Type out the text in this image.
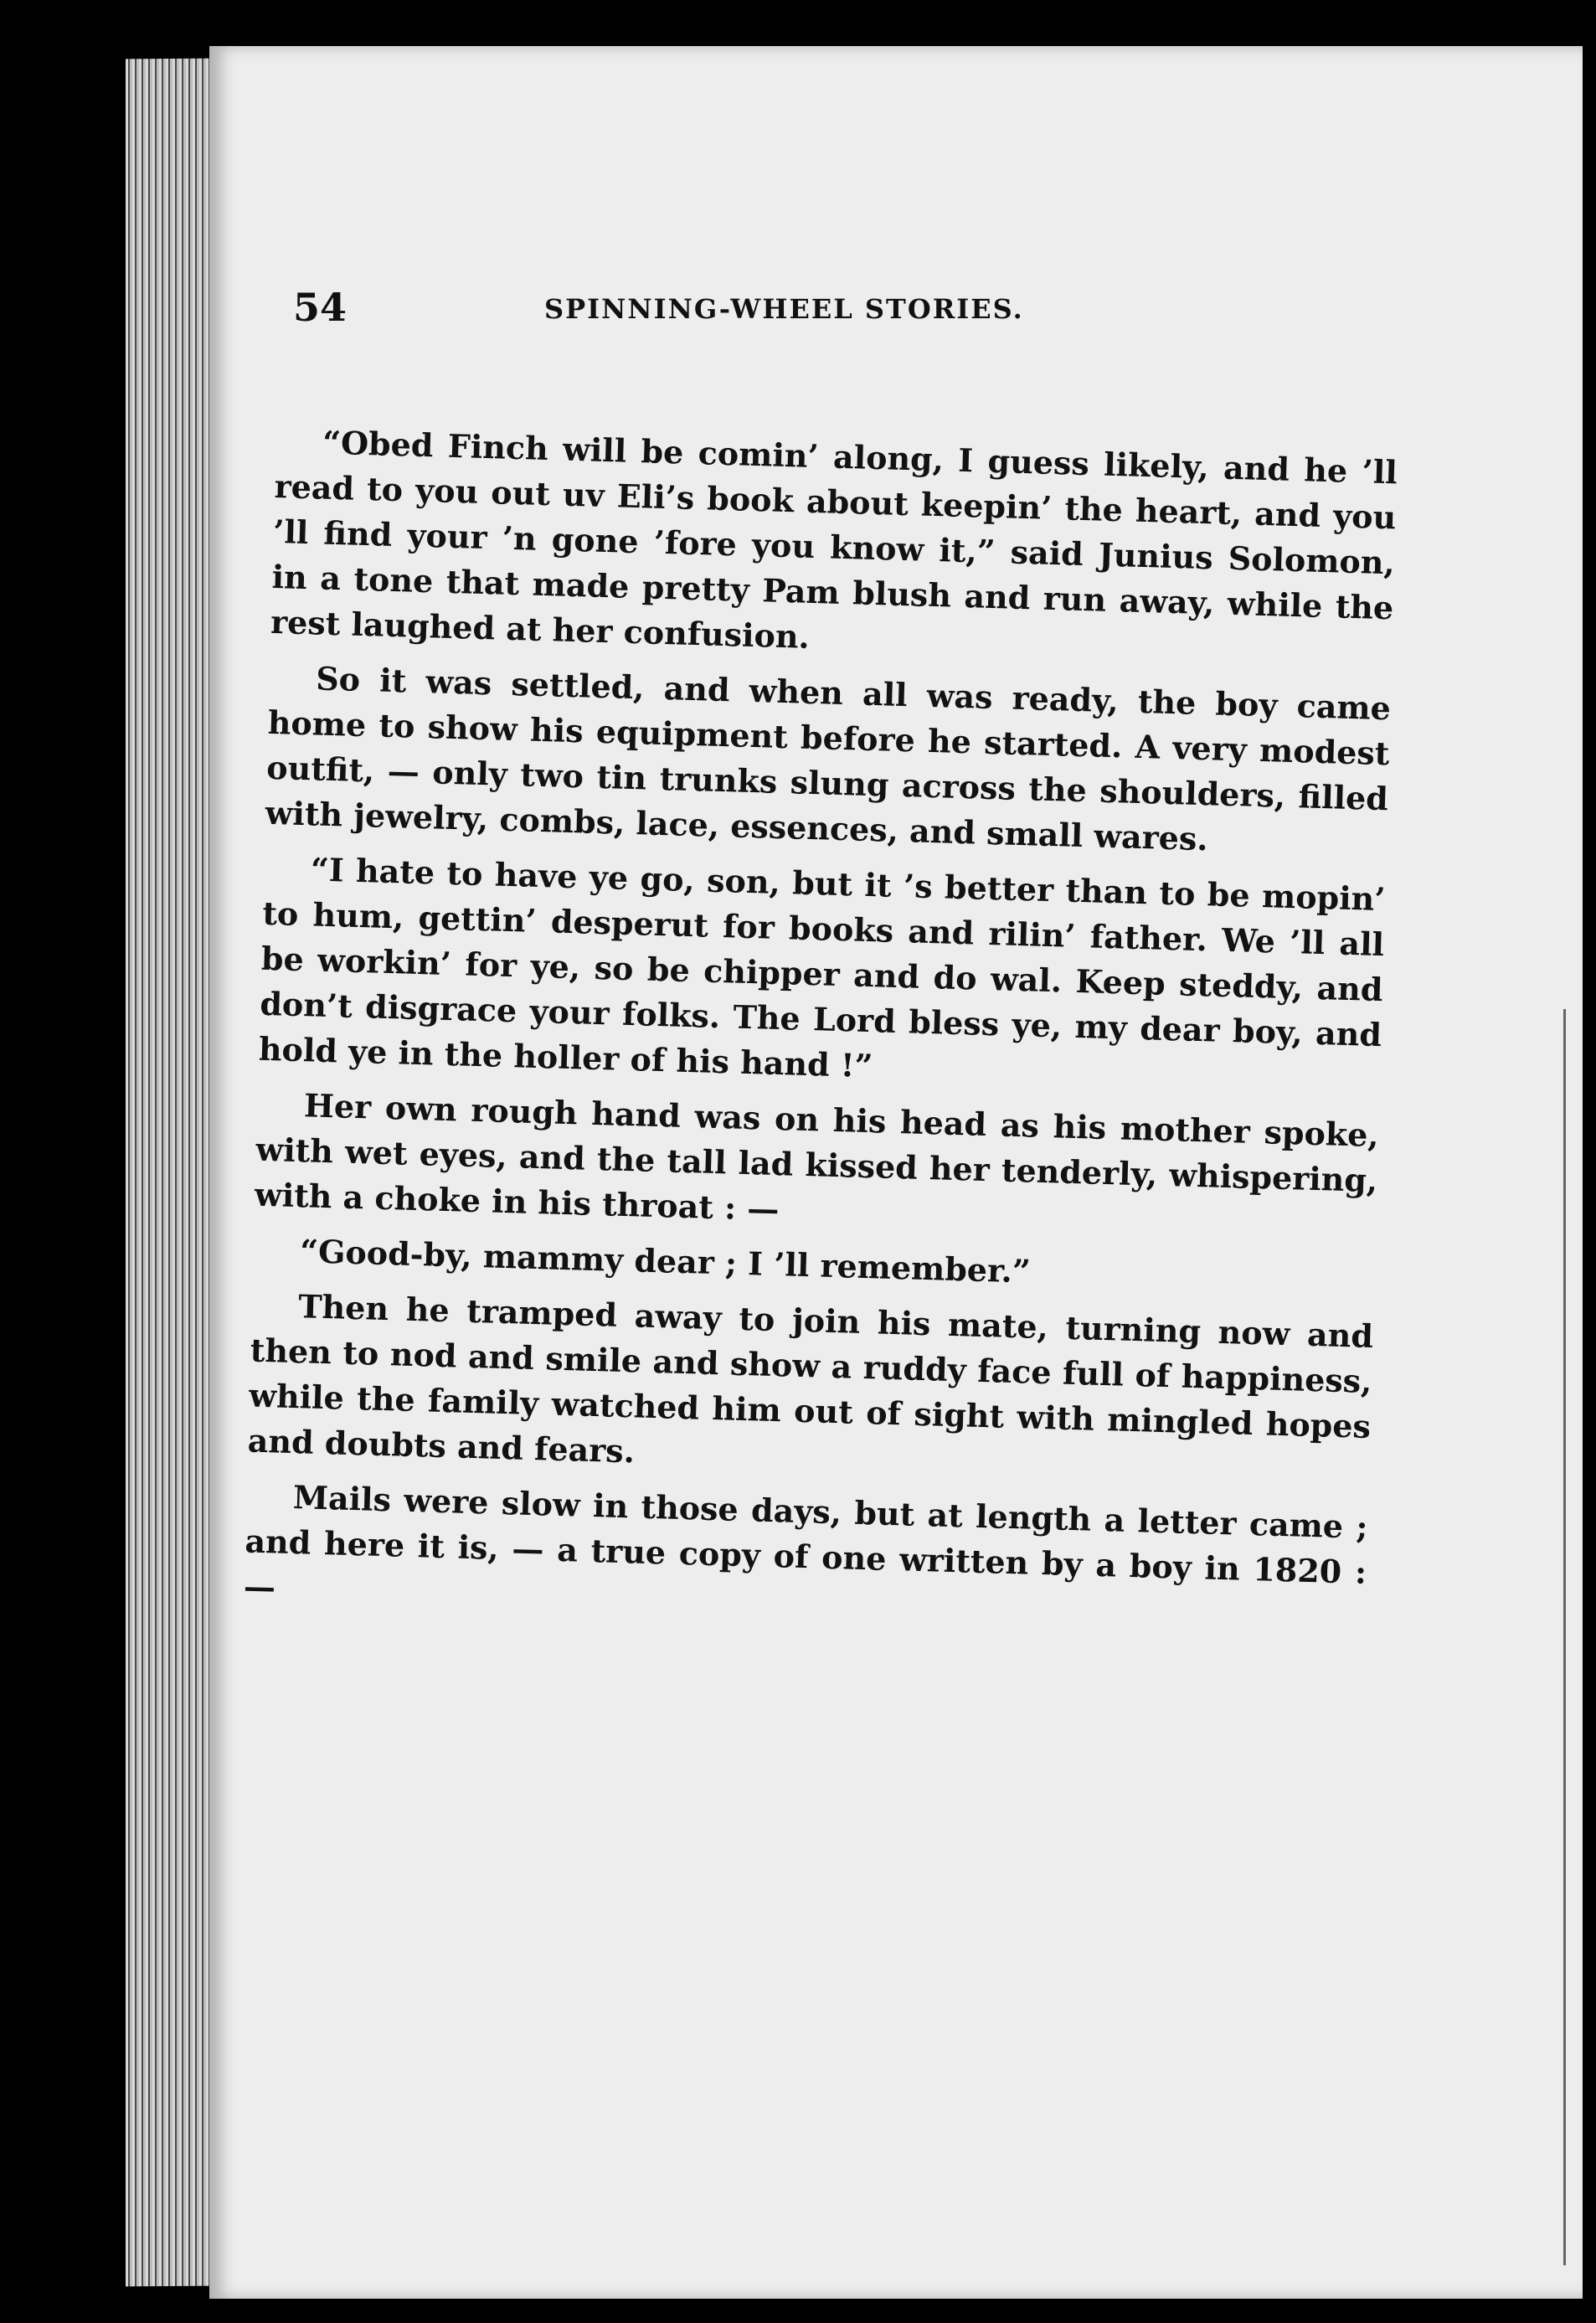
54	SPINNING-WHEEL STORIES.

“Obed Finch will be comin’ along, I guess likely, and he ’ll read to you out uv Eli’s book about keepin’ the heart, and you ’ll find your ’n gone ’fore you know it,” said Junius Solomon, in a tone that made pretty Pam blush and run away, while the rest laughed at her confusion.

So it was settled, and when all was ready, the boy came home to show his equipment before he started. A very modest outfit, — only two tin trunks slung across the shoulders, filled with jewelry, combs, lace, essences, and small wares.

“I hate to have ye go, son, but it ’s better than to be mopin’ to hum, gettin’ desperut for books and rilin’ father. We ’ll all be workin’ for ye, so be chipper and do wal. Keep steddy, and don’t disgrace your folks. The Lord bless ye, my dear boy, and hold ye in the holler of his hand !”

Her own rough hand was on his head as his mother spoke, with wet eyes, and the tall lad kissed her tenderly, whispering, with a choke in his throat : —

“Good-by, mammy dear ; I ’ll remember.”

Then he tramped away to join his mate, turning now and then to nod and smile and show a ruddy face full of happiness, while the family watched him out of sight with mingled hopes and doubts and fears.

Mails were slow in those days, but at length a letter came ; and here it is, — a true copy of one written by a boy in 1820 : —
